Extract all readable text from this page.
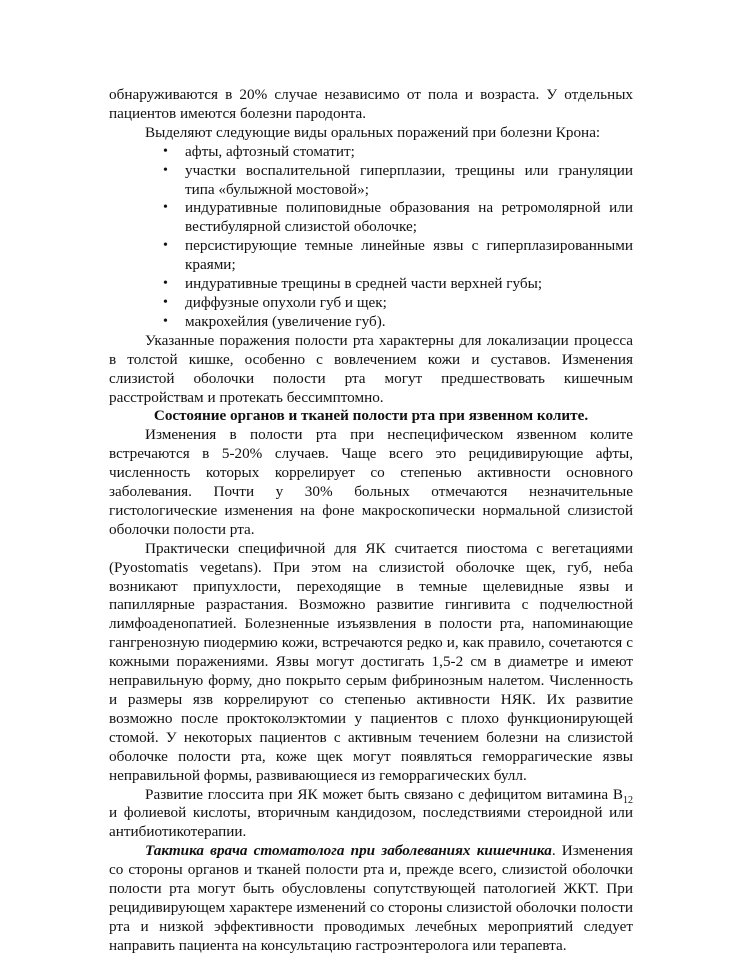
обнаруживаются в 20% случае независимо от пола и возраста. У отдельных пациентов имеются болезни пародонта.

Выделяют следующие виды оральных поражений при болезни Крона:

• афты, афтозный стоматит;
• участки воспалительной гиперплазии, трещины или грануляции типа «булыжной мостовой»;
• индуративные полиповидные образования на ретромолярной или вестибулярной слизистой оболочке;
• персистирующие темные линейные язвы с гиперплазированными краями;
• индуративные трещины в средней части верхней губы;
• диффузные опухоли губ и щек;
• макрохейлия (увеличение губ).

Указанные поражения полости рта характерны для локализации процесса в толстой кишке, особенно с вовлечением кожи и суставов. Изменения слизистой оболочки полости рта могут предшествовать кишечным расстройствам и протекать бессимптомно.

Состояние органов и тканей полости рта при язвенном колите.

Изменения в полости рта при неспецифическом язвенном колите встречаются в 5-20% случаев. Чаще всего это рецидивирующие афты, численность которых коррелирует со степенью активности основного заболевания. Почти у 30% больных отмечаются незначительные гистологические изменения на фоне макроскопически нормальной слизистой оболочки полости рта.

Практически специфичной для ЯК считается пиостома с вегетациями (Pyostomatis vegetans). При этом на слизистой оболочке щек, губ, неба возникают припухлости, переходящие в темные щелевидные язвы и папиллярные разрастания. Возможно развитие гингивита с подчелюстной лимфоаденопатией. Болезненные изъязвления в полости рта, напоминающие гангренозную пиодермию кожи, встречаются редко и, как правило, сочетаются с кожными поражениями. Язвы могут достигать 1,5-2 см в диаметре и имеют неправильную форму, дно покрыто серым фибринозным налетом. Численность и размеры язв коррелируют со степенью активности НЯК. Их развитие возможно после проктоколэктомии у пациентов с плохо функционирующей стомой. У некоторых пациентов с активным течением болезни на слизистой оболочке полости рта, коже щек могут появляться геморрагические язвы неправильной формы, развивающиеся из геморрагических булл.

Развитие глоссита при ЯК может быть связано с дефицитом витамина $B_{12}$ и фолиевой кислоты, вторичным кандидозом, последствиями стероидной или антибиотикотерапии.

Тактика врача стоматолога при заболеваниях кишечника. Изменения со стороны органов и тканей полости рта и, прежде всего, слизистой оболочки полости рта могут быть обусловлены сопутствующей патологией ЖКТ. При рецидивирующем характере изменений со стороны слизистой оболочки полости рта и низкой эффективности проводимых лечебных мероприятий следует направить пациента на консультацию гастроэнтеролога или терапевта.
